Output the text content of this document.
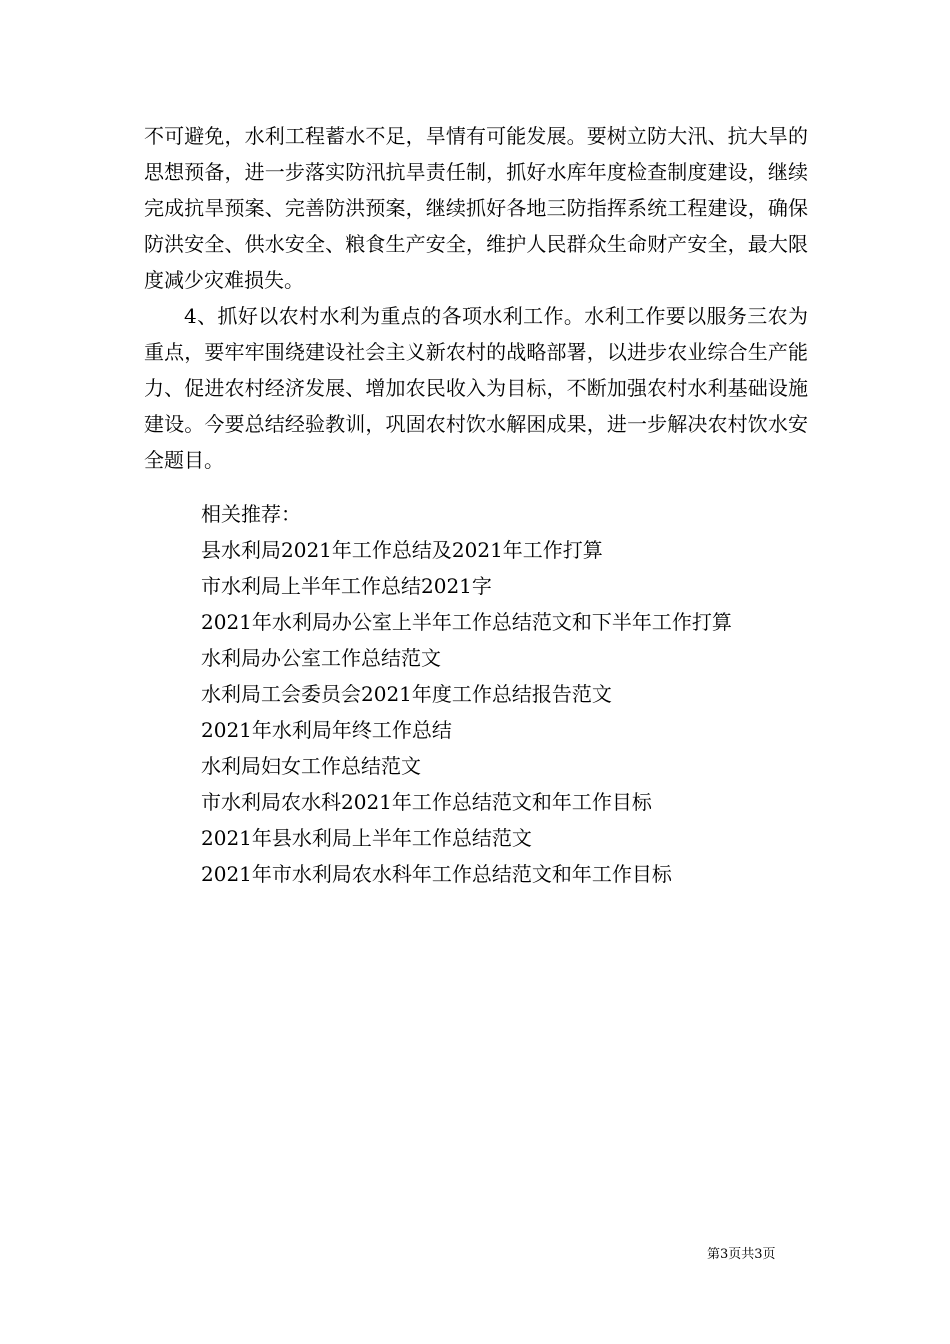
不可避免，水利工程蓄水不足，旱情有可能发展。要树立防大汛、抗大旱的思想预备，进一步落实防汛抗旱责任制，抓好水库年度检查制度建设，继续完成抗旱预案、完善防洪预案，继续抓好各地三防指挥系统工程建设，确保防洪安全、供水安全、粮食生产安全，维护人民群众生命财产安全，最大限度减少灾难损失。

4、抓好以农村水利为重点的各项水利工作。水利工作要以服务三农为重点，要牢牢围绕建设社会主义新农村的战略部署，以进步农业综合生产能力、促进农村经济发展、增加农民收入为目标，不断加强农村水利基础设施建设。今要总结经验教训，巩固农村饮水解困成果，进一步解决农村饮水安全题目。

相关推荐：
县水利局2021年工作总结及2021年工作打算
市水利局上半年工作总结2021字
2021年水利局办公室上半年工作总结范文和下半年工作打算
水利局办公室工作总结范文
水利局工会委员会2021年度工作总结报告范文
2021年水利局年终工作总结
水利局妇女工作总结范文
市水利局农水科2021年工作总结范文和年工作目标
2021年县水利局上半年工作总结范文
2021年市水利局农水科年工作总结范文和年工作目标
第3页共3页
